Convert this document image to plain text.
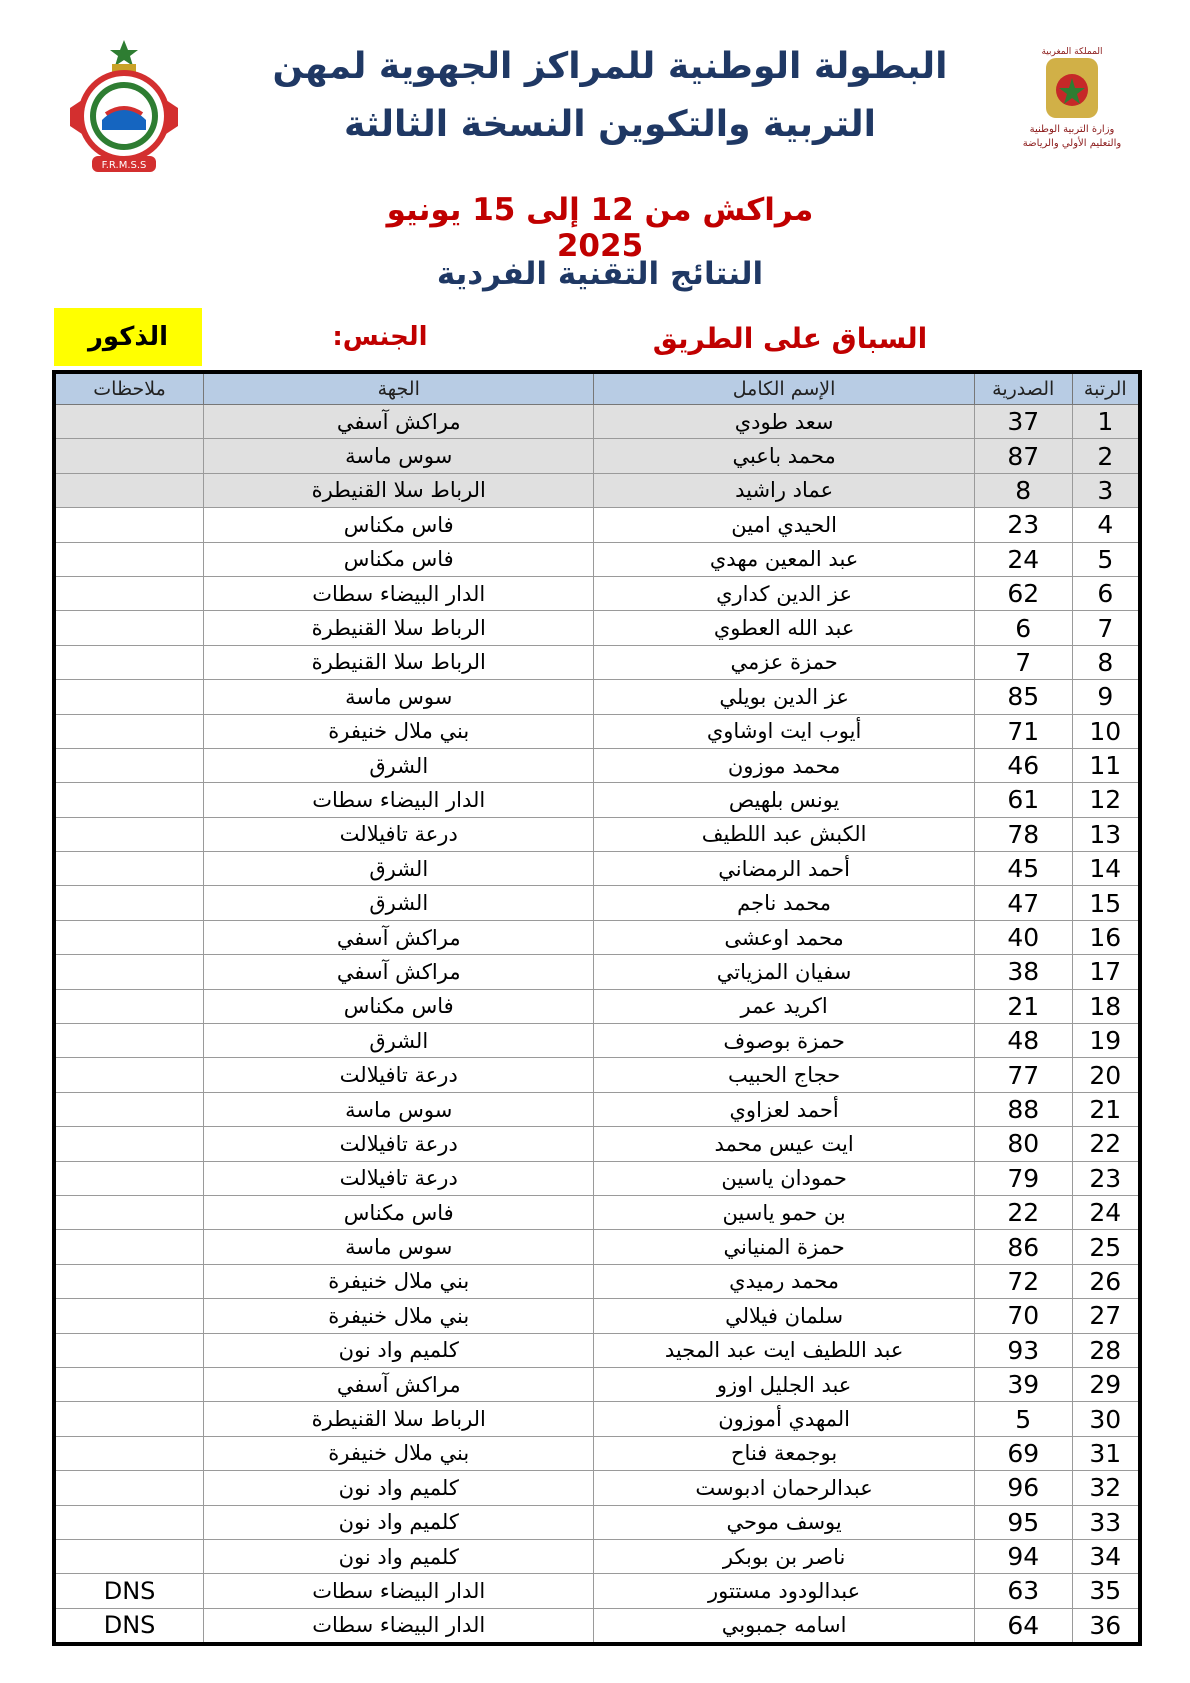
F.R.M.S.S
المملكة المغربية
وزارة التربية الوطنية
والتعليم الأولي والرياضة
البطولة الوطنية للمراكز الجهوية لمهن
التربية والتكوين النسخة الثالثة
مراكش من 12 إلى 15 يونيو 2025
النتائج التقنية الفردية
الذكور	الجنس:	السباق على الطريق
الرتبة	الصدرية	الإسم الكامل	الجهة	ملاحظات
1	37	سعد طودي	مراكش آسفي	
2	87	محمد باعبي	سوس ماسة	
3	8	عماد راشيد	الرباط سلا القنيطرة	
4	23	الحيدي امين	فاس مكناس	
5	24	عبد المعين مهدي	فاس مكناس	
6	62	عز الدين كداري	الدار البيضاء سطات	
7	6	عبد الله العطوي	الرباط سلا القنيطرة	
8	7	حمزة عزمي	الرباط سلا القنيطرة	
9	85	عز الدين بويلي	سوس ماسة	
10	71	أيوب ايت اوشاوي	بني ملال خنيفرة	
11	46	محمد موزون	الشرق	
12	61	يونس بلهيص	الدار البيضاء سطات	
13	78	الكبش عبد اللطيف	درعة تافيلالت	
14	45	أحمد الرمضاني	الشرق	
15	47	محمد ناجم	الشرق	
16	40	محمد اوعشى	مراكش آسفي	
17	38	سفيان المزياتي	مراكش آسفي	
18	21	اكريد عمر	فاس مكناس	
19	48	حمزة بوصوف	الشرق	
20	77	حجاج الحبيب	درعة تافيلالت	
21	88	أحمد لعزاوي	سوس ماسة	
22	80	ايت عيس محمد	درعة تافيلالت	
23	79	حمودان ياسين	درعة تافيلالت	
24	22	بن حمو ياسين	فاس مكناس	
25	86	حمزة المنياني	سوس ماسة	
26	72	محمد رميدي	بني ملال خنيفرة	
27	70	سلمان فيلالي	بني ملال خنيفرة	
28	93	عبد اللطيف ايت عبد المجيد	كلميم واد نون	
29	39	عبد الجليل اوزو	مراكش آسفي	
30	5	المهدي أموزون	الرباط سلا القنيطرة	
31	69	بوجمعة فناح	بني ملال خنيفرة	
32	96	عبدالرحمان ادبوست	كلميم واد نون	
33	95	يوسف موحي	كلميم واد نون	
34	94	ناصر بن بوبكر	كلميم واد نون	
35	63	عبدالودود مستتور	الدار البيضاء سطات	DNS
36	64	اسامه جمبوبي	الدار البيضاء سطات	DNS
